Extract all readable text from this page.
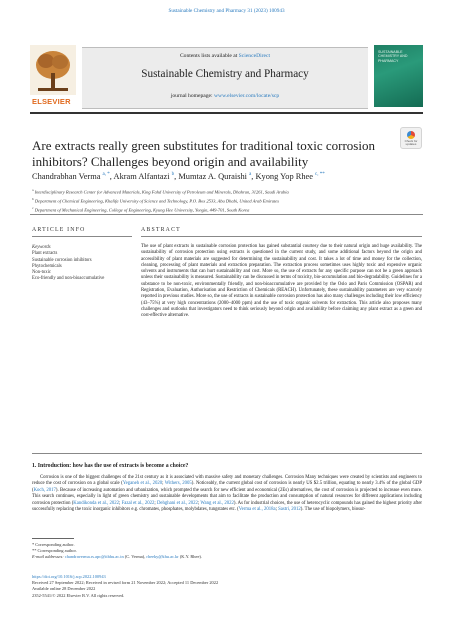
Sustainable Chemistry and Pharmacy 31 (2023) 100943
ELSEVIER
Contents lists available at ScienceDirect
Sustainable Chemistry and Pharmacy
journal homepage: www.elsevier.com/locate/scp
SUSTAINABLE CHEMISTRY AND PHARMACY
Check for updates
Are extracts really green substitutes for traditional toxic corrosion inhibitors? Challenges beyond origin and availability
Chandrabhan Verma $^{a, *}$, Akram Alfantazi $^b$, Mumtaz A. Quraishi $^a$, Kyong Yop Rhee $^{c, **}$
$^a$ Interdisciplinary Research Center for Advanced Materials, King Fahd University of Petroleum and Minerals, Dhahran, 31261, Saudi Arabia
$^b$ Department of Chemical Engineering, Khalifa University of Science and Technology, P.O. Box 2533, Abu Dhabi, United Arab Emirates
$^c$ Department of Mechanical Engineering, College of Engineering, Kyung Hee University, Yongin, 449-701, South Korea
ARTICLE INFO	ABSTRACT
Keywords
Plant extracts
Sustainable corrosion inhibitors
Phytochemicals
Non-toxic
Eco-friendly and non-bioaccumulative

The use of plant extracts in sustainable corrosion protection has gained substantial courtesy due to their natural origin and huge availability. The sustainability of corrosion protection using extracts is questioned in the current study, and some additional factors beyond the origin and accessibility of plant materials are suggested for determining the sustainability and cost. It takes a lot of time and money for the collection, cleaning, processing of plant materials and extraction preparation. The extraction process sometimes uses highly toxic and expensive organic solvents and instruments that can hurt sustainability and cost. More so, the use of extracts for any specific purpose can not be a green approach unless their sustainability is measured. Sustainability can be discussed in terms of toxicity, bio-accumulation and bio-degradability. Guidelines for a substance to be non-toxic, environmentally friendly, and non-bioaccumulative are provided by the Oslo and Paris Commission (OSPAR) and Registration, Evaluation, Authorisation and Restriction of Chemicals (REACH). Unfortunately, these sustainability parameters are very scarcely reported in previous studies. More so, the use of extracts in sustainable corrosion protection has also many challenges including their low efficiency (43–75%) at very high concentrations (2000–4000 ppm) and the use of toxic organic solvents for extraction. This article also proposes many challenges and outlooks that investigators need to think seriously beyond origin and availability before claiming any plant extract as a green and cost-effective alternative.

1. Introduction: how has the use of extracts is become a choice?

Corrosion is one of the biggest challenges of the 21st century as it is associated with massive safety and monetary challenges. Corrosion Many techniques were created by scientists and engineers to reduce the cost of corrosion on a global scale (Yeganeh et al., 2020; Withers, 2005). Noticeably, the current global cost of corrosion is nearly US $2.5 trillion, equating to nearly 3.4% of the global GDP (Koch, 2017). Because of increasing automation and urbanization, which prompted the search for new efficient and economical (2Es) alternatives, the cost of corrosion is projected to increase even more. This search continues, especially in light of green chemistry and sustainable developments that aim to facilitate the production and consumption of natural resources for different applications including corrosion protection (Kandikonda et al., 2022; Fazal et al., 2022; Dehghani et al., 2022; Wang et al., 2022). As for industrial choices, the use of heterocyclic compounds has gained the highest priority after successfully replacing the toxic inorganic inhibitors e.g. chromates, phosphates, molybdates, tungstates etc. (Verma et al., 2018a; Sastri, 2012). The use of biopolymers, biosur-

* Corresponding author.
** Corresponding author.
E-mail addresses: chandraverma.rs.apc@itbhu.ac.in (C. Verma), rheeky@khu.ac.kr (K.Y. Rhee).
https://doi.org/10.1016/j.scp.2022.100943
Received 27 September 2022; Received in revised form 21 November 2022; Accepted 11 December 2022
Available online 28 December 2022
2352-5541/© 2022 Elsevier B.V. All rights reserved.
